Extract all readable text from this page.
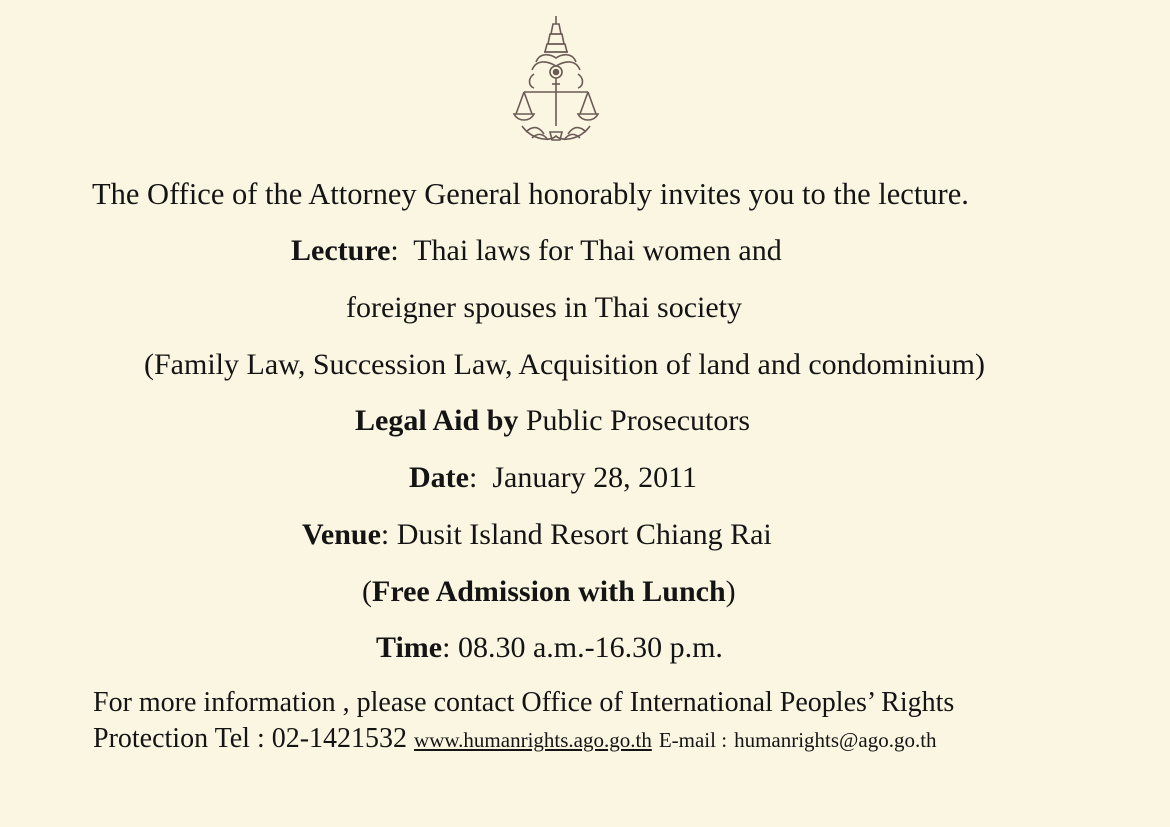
The Office of the Attorney General honorably invites you to the lecture.
Lecture: Thai laws for Thai women and
foreigner spouses in Thai society
(Family Law, Succession Law, Acquisition of land and condominium)
Legal Aid by Public Prosecutors
Date: January 28, 2011
Venue: Dusit Island Resort Chiang Rai
(Free Admission with Lunch)
Time: 08.30 a.m.-16.30 p.m.
For more information , please contact Office of International Peoples’ Rights
Protection Tel : 02-1421532 www.humanrights.ago.go.th E-mail : humanrights@ago.go.th
